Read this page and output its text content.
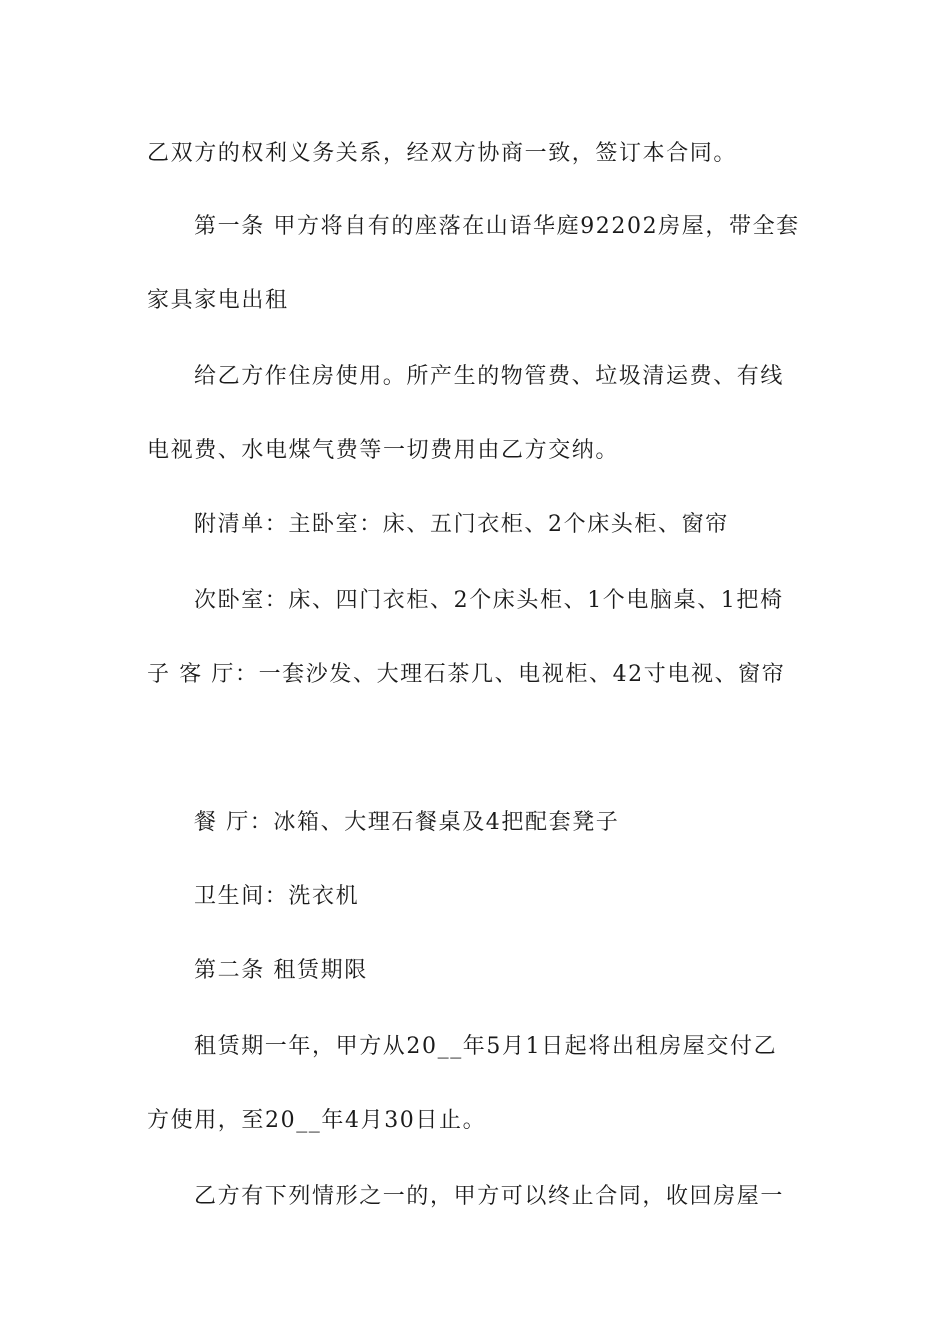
乙双方的权利义务关系，经双方协商一致，签订本合同。
第一条 甲方将自有的座落在山语华庭92202房屋，带全套
家具家电出租
给乙方作住房使用。所产生的物管费、垃圾清运费、有线
电视费、水电煤气费等一切费用由乙方交纳。
附清单：主卧室：床、五门衣柜、2个床头柜、窗帘
次卧室：床、四门衣柜、2个床头柜、1个电脑桌、1把椅
子 客 厅：一套沙发、大理石茶几、电视柜、42寸电视、窗帘
餐 厅：冰箱、大理石餐桌及4把配套凳子
卫生间：洗衣机
第二条 租赁期限
租赁期一年，甲方从20__年5月1日起将出租房屋交付乙
方使用，至20__年4月30日止。
乙方有下列情形之一的，甲方可以终止合同，收回房屋一
